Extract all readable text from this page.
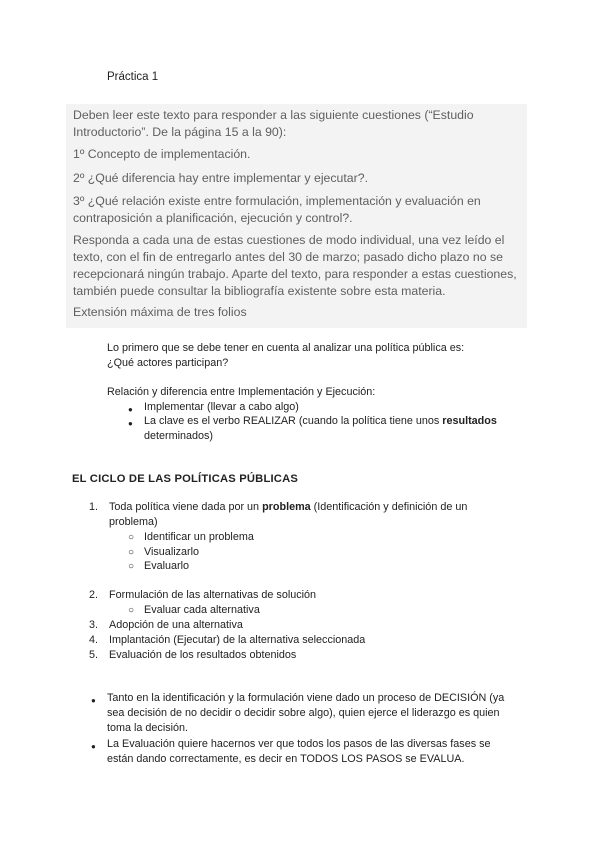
Práctica 1

Deben leer este texto para responder a las siguiente cuestiones (“Estudio Introductorio”. De la página 15 a la 90):

1º Concepto de implementación.

2º ¿Qué diferencia hay entre implementar y ejecutar?.

3º ¿Qué relación existe entre formulación, implementación y evaluación en contraposición a planificación, ejecución y control?.

Responda a cada una de estas cuestiones de modo individual, una vez leído el texto, con el fin de entregarlo antes del 30 de marzo; pasado dicho plazo no se recepcionará ningún trabajo. Aparte del texto, para responder a estas cuestiones, también puede consultar la bibliografía existente sobre esta materia.

Extensión máxima de tres folios

Lo primero que se debe tener en cuenta al analizar una política pública es:
¿Qué actores participan?
Relación y diferencia entre Implementación y Ejecución:
● Implementar (llevar a cabo algo)
● La clave es el verbo REALIZAR (cuando la política tiene unos resultados
determinados)
EL CICLO DE LAS POLÍTICAS PÚBLICAS
1. Toda política viene dada por un problema (Identificación y definición de un
problema)
○ Identificar un problema
○ Visualizarlo
○ Evaluarlo
2. Formulación de las alternativas de solución
○ Evaluar cada alternativa
3. Adopción de una alternativa
4. Implantación (Ejecutar) de la alternativa seleccionada
5. Evaluación de los resultados obtenidos
● Tanto en la identificación y la formulación viene dado un proceso de DECISIÓN (ya sea decisión de no decidir o decidir sobre algo), quien ejerce el liderazgo es quien toma la decisión.
● La Evaluación quiere hacernos ver que todos los pasos de las diversas fases se están dando correctamente, es decir en TODOS LOS PASOS se EVALUA.
